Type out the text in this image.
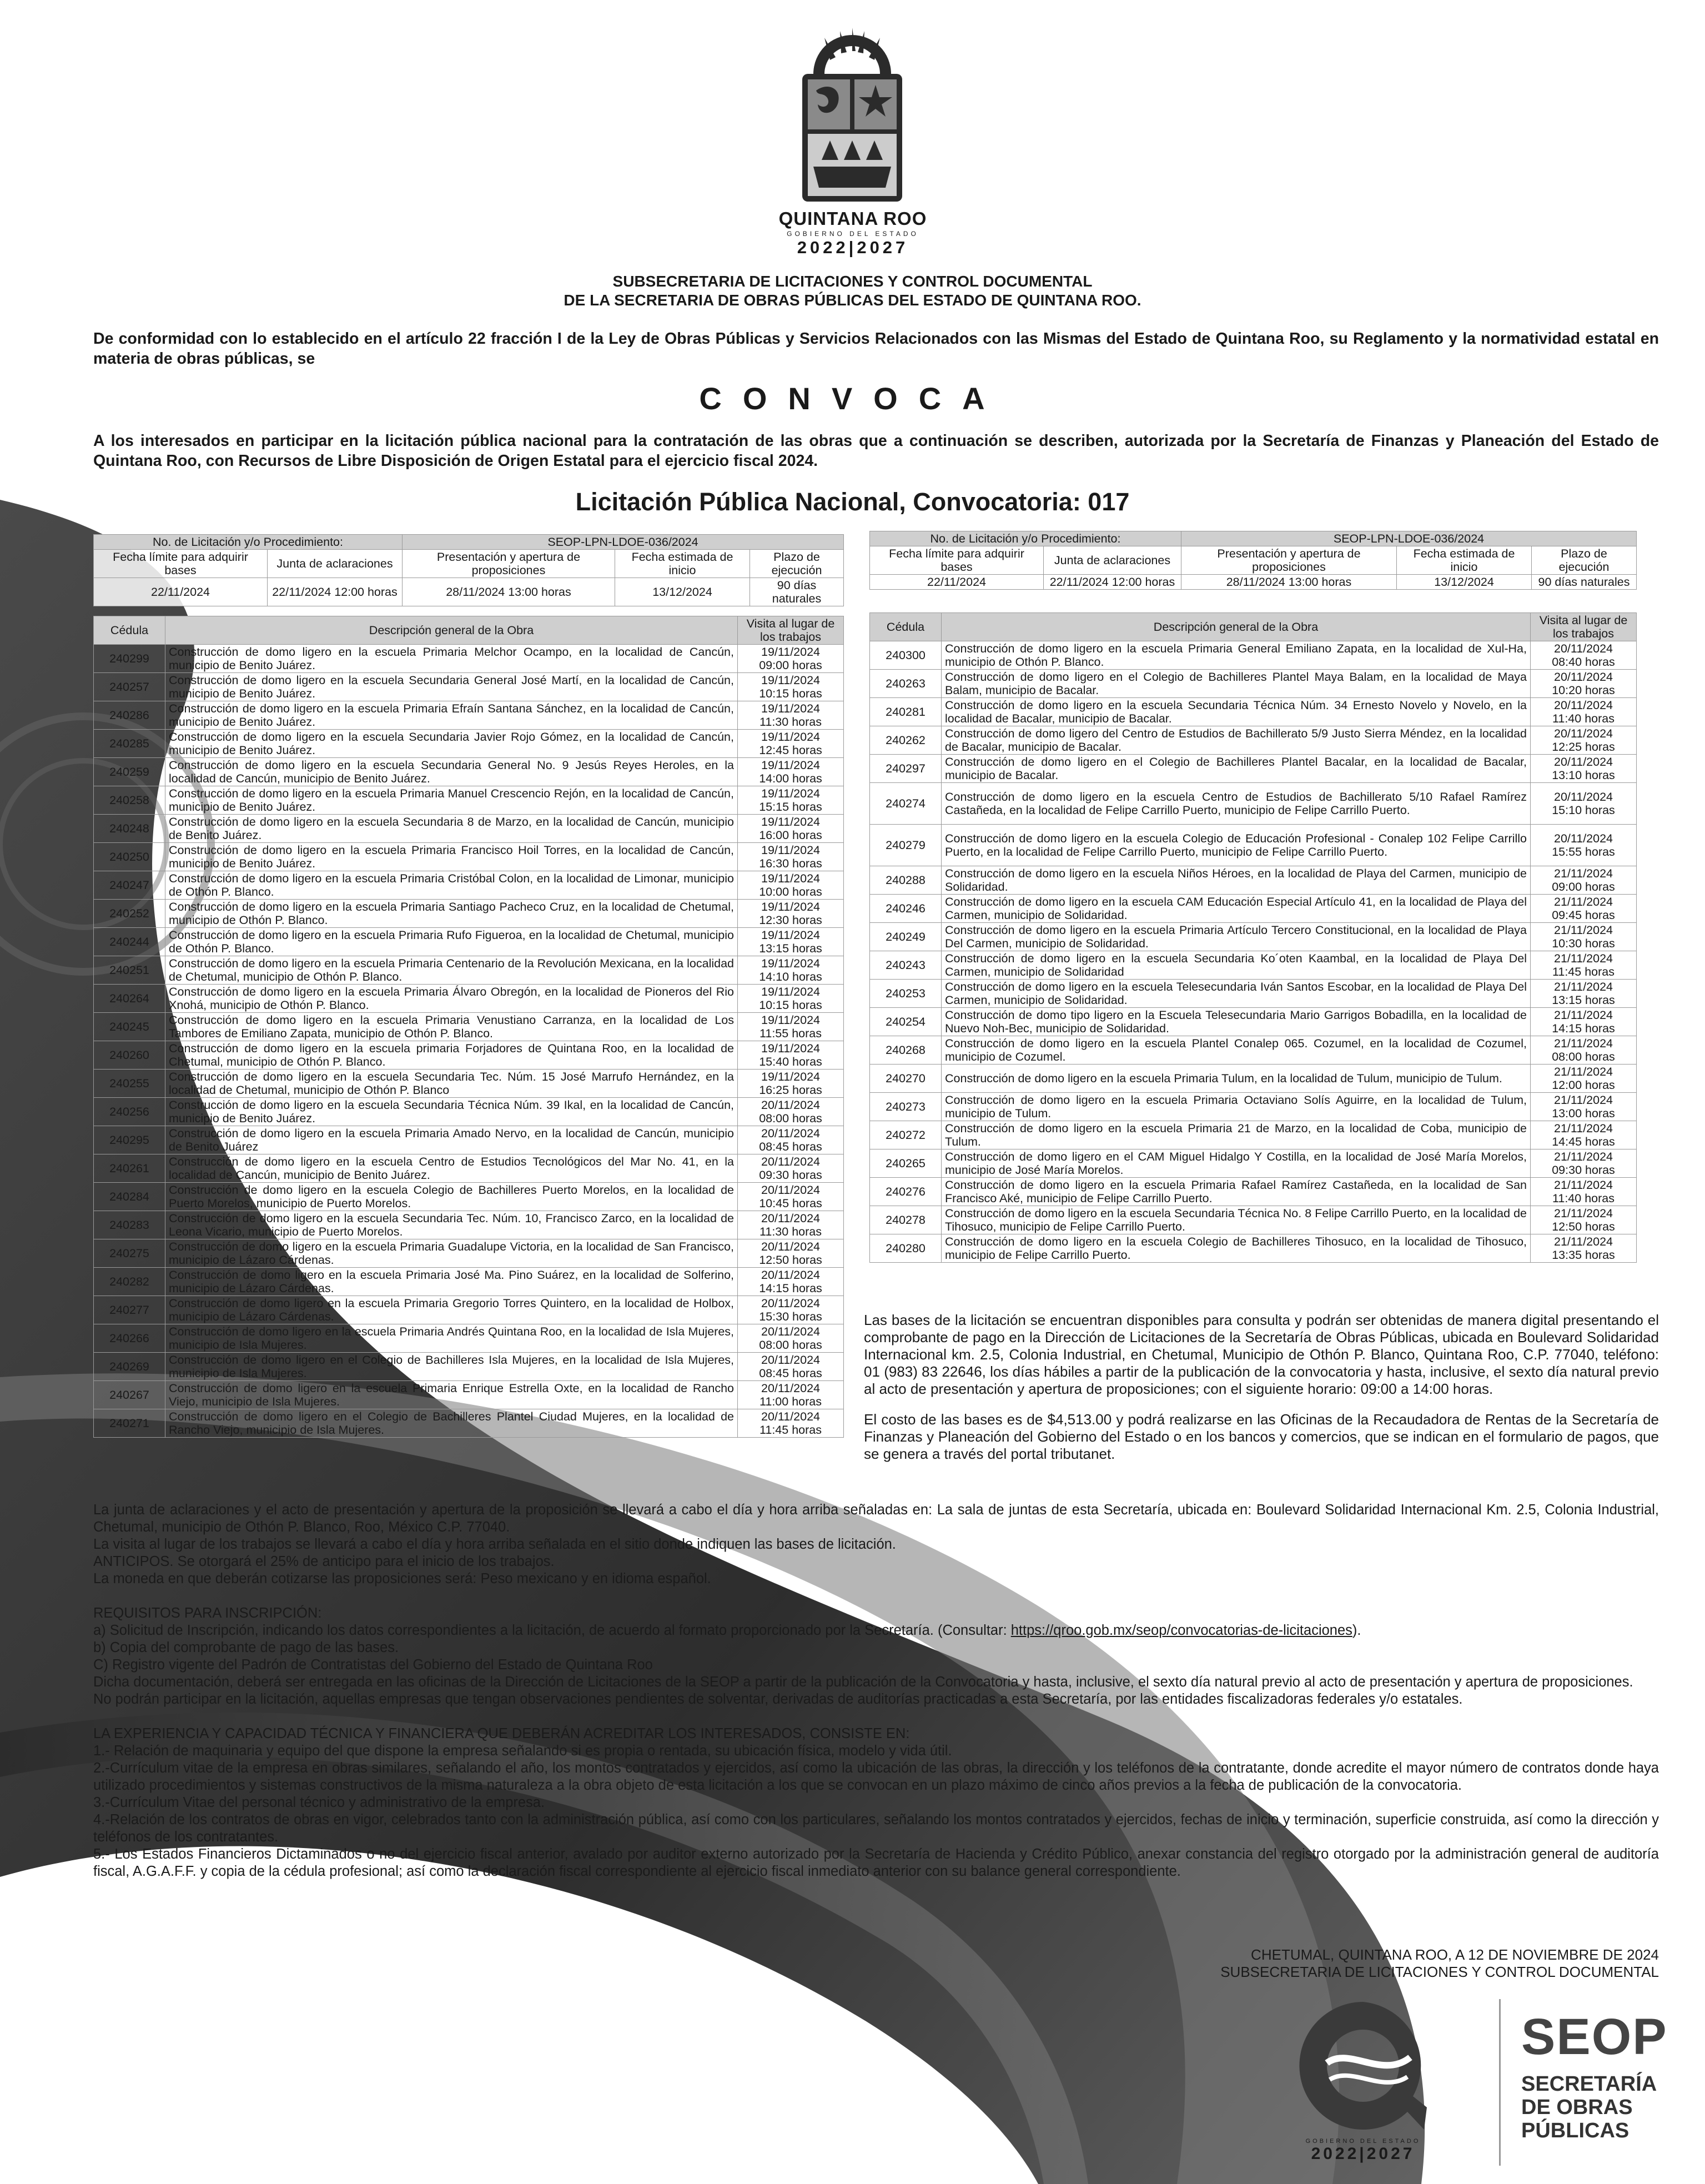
QUINTANA ROO
GOBIERNO DEL ESTADO
2022|2027
SUBSECRETARIA DE LICITACIONES Y CONTROL DOCUMENTAL
DE LA SECRETARIA DE OBRAS PÚBLICAS DEL ESTADO DE QUINTANA ROO.
De conformidad con lo establecido en el artículo 22 fracción I de la Ley de Obras Públicas y Servicios Relacionados con las Mismas del Estado de Quintana Roo, su Reglamento y la normatividad estatal en materia de obras públicas, se
CONVOCA
A los interesados en participar en la licitación pública nacional para la contratación de las obras que a continuación se describen, autorizada por la Secretaría de Finanzas y Planeación del Estado de Quintana Roo, con Recursos de Libre Disposición de Origen Estatal para el ejercicio fiscal 2024.
Licitación Pública Nacional, Convocatoria: 017
No. de Licitación y/o Procedimiento:		SEOP-LPN-LDOE-036/2024		
Fecha límite para adquirir bases	Junta de aclaraciones	Presentación y apertura de proposiciones	Fecha estimada de inicio	Plazo de ejecución
22/11/2024	22/11/2024 12:00 horas	28/11/2024 13:00 horas	13/12/2024	90 días naturales
Cédula	Descripción general de la Obra	Visita al lugar de los trabajos
240299	Construcción de domo ligero en la escuela Primaria Melchor Ocampo, en la localidad de Cancún, municipio de Benito Juárez.	19/11/2024
09:00 horas

240257	Construcción de domo ligero en la escuela Secundaria General José Martí, en la localidad de Cancún, municipio de Benito Juárez.	19/11/2024
10:15 horas

240286	Construcción de domo ligero en la escuela Primaria Efraín Santana Sánchez, en la localidad de Cancún, municipio de Benito Juárez.	19/11/2024
11:30 horas

240285	Construcción de domo ligero en la escuela Secundaria Javier Rojo Gómez, en la localidad de Cancún, municipio de Benito Juárez.	19/11/2024
12:45 horas

240259	Construcción de domo ligero en la escuela Secundaria General No. 9 Jesús Reyes Heroles, en la localidad de Cancún, municipio de Benito Juárez.	19/11/2024
14:00 horas

240258	Construcción de domo ligero en la escuela Primaria Manuel Crescencio Rejón, en la localidad de Cancún, municipio de Benito Juárez.	19/11/2024
15:15 horas

240248	Construcción de domo ligero en la escuela Secundaria 8 de Marzo, en la localidad de Cancún, municipio de Benito Juárez.	19/11/2024
16:00 horas

240250	Construcción de domo ligero en la escuela Primaria Francisco Hoil Torres, en la localidad de Cancún, municipio de Benito Juárez.	19/11/2024
16:30 horas

240247	Construcción de domo ligero en la escuela Primaria Cristóbal Colon, en la localidad de Limonar, municipio de Othón P. Blanco.	19/11/2024
10:00 horas

240252	Construcción de domo ligero en la escuela Primaria Santiago Pacheco Cruz, en la localidad de Chetumal, municipio de Othón P. Blanco.	19/11/2024
12:30 horas

240244	Construcción de domo ligero en la escuela Primaria Rufo Figueroa, en la localidad de Chetumal, municipio de Othón P. Blanco.	19/11/2024
13:15 horas

240251	Construcción de domo ligero en la escuela Primaria Centenario de la Revolución Mexicana, en la localidad de Chetumal, municipio de Othón P. Blanco.	19/11/2024
14:10 horas

240264	Construcción de domo ligero en la escuela Primaria Álvaro Obregón, en la localidad de Pioneros del Rio Xnohá, municipio de Othón P. Blanco.	19/11/2024
10:15 horas

240245	Construcción de domo ligero en la escuela Primaria Venustiano Carranza, en la localidad de Los Tambores de Emiliano Zapata, municipio de Othón P. Blanco.	19/11/2024
11:55 horas

240260	Construcción de domo ligero en la escuela primaria Forjadores de Quintana Roo, en la localidad de Chetumal, municipio de Othón P. Blanco.	19/11/2024
15:40 horas

240255	Construcción de domo ligero en la escuela Secundaria Tec. Núm. 15 José Marrufo Hernández, en la localidad de Chetumal, municipio de Othón P. Blanco	19/11/2024
16:25 horas

240256	Construcción de domo ligero en la escuela Secundaria Técnica Núm. 39 Ikal, en la localidad de Cancún, municipio de Benito Juárez.	20/11/2024
08:00 horas

240295	Construcción de domo ligero en la escuela Primaria Amado Nervo, en la localidad de Cancún, municipio de Benito Juárez	20/11/2024
08:45 horas

240261	Construcción de domo ligero en la escuela Centro de Estudios Tecnológicos del Mar No. 41, en la localidad de Cancún, municipio de Benito Juárez.	20/11/2024
09:30 horas

240284	Construcción de domo ligero en la escuela Colegio de Bachilleres Puerto Morelos, en la localidad de Puerto Morelos, municipio de Puerto Morelos.	20/11/2024
10:45 horas

240283	Construcción de domo ligero en la escuela Secundaria Tec. Núm. 10, Francisco Zarco, en la localidad de Leona Vicario, municipio de Puerto Morelos.	20/11/2024
11:30 horas

240275	Construcción de domo ligero en la escuela Primaria Guadalupe Victoria, en la localidad de San Francisco, municipio de Lázaro Cárdenas.	20/11/2024
12:50 horas

240282	Construcción de domo ligero en la escuela Primaria José Ma. Pino Suárez, en la localidad de Solferino, municipio de Lázaro Cárdenas.	20/11/2024
14:15 horas

240277	Construcción de domo ligero en la escuela Primaria Gregorio Torres Quintero, en la localidad de Holbox, municipio de Lázaro Cárdenas.	20/11/2024
15:30 horas

240266	Construcción de domo ligero en la escuela Primaria Andrés Quintana Roo, en la localidad de Isla Mujeres, municipio de Isla Mujeres.	20/11/2024
08:00 horas

240269	Construcción de domo ligero en el Colegio de Bachilleres Isla Mujeres, en la localidad de Isla Mujeres, municipio de Isla Mujeres.	20/11/2024
08:45 horas

240267	Construcción de domo ligero en la escuela Primaria Enrique Estrella Oxte, en la localidad de Rancho Viejo, municipio de Isla Mujeres.	20/11/2024
11:00 horas

240271	Construcción de domo ligero en el Colegio de Bachilleres Plantel Ciudad Mujeres, en la localidad de Rancho Viejo, municipio de Isla Mujeres.	20/11/2024
11:45 horas
No. de Licitación y/o Procedimiento:		SEOP-LPN-LDOE-036/2024		
Fecha límite para adquirir bases	Junta de aclaraciones	Presentación y apertura de proposiciones	Fecha estimada de inicio	Plazo de ejecución
22/11/2024	22/11/2024 12:00 horas	28/11/2024 13:00 horas	13/12/2024	90 días naturales
Cédula	Descripción general de la Obra	Visita al lugar de los trabajos
240300	Construcción de domo ligero en la escuela Primaria General Emiliano Zapata, en la localidad de Xul-Ha, municipio de Othón P. Blanco.	20/11/2024
08:40 horas

240263	Construcción de domo ligero en el Colegio de Bachilleres Plantel Maya Balam, en la localidad de Maya Balam, municipio de Bacalar.	20/11/2024
10:20 horas

240281	Construcción de domo ligero en la escuela Secundaria Técnica Núm. 34 Ernesto Novelo y Novelo, en la localidad de Bacalar, municipio de Bacalar.	20/11/2024
11:40 horas

240262	Construcción de domo ligero del Centro de Estudios de Bachillerato 5/9 Justo Sierra Méndez, en la localidad de Bacalar, municipio de Bacalar.	20/11/2024
12:25 horas

240297	Construcción de domo ligero en el Colegio de Bachilleres Plantel Bacalar, en la localidad de Bacalar, municipio de Bacalar.	20/11/2024
13:10 horas

240274	Construcción de domo ligero en la escuela Centro de Estudios de Bachillerato 5/10 Rafael Ramírez Castañeda, en la localidad de Felipe Carrillo Puerto, municipio de Felipe Carrillo Puerto.	20/11/2024
15:10 horas

240279	Construcción de domo ligero en la escuela Colegio de Educación Profesional - Conalep 102 Felipe Carrillo Puerto, en la localidad de Felipe Carrillo Puerto, municipio de Felipe Carrillo Puerto.	20/11/2024
15:55 horas

240288	Construcción de domo ligero en la escuela Niños Héroes, en la localidad de Playa del Carmen, municipio de Solidaridad.	21/11/2024
09:00 horas

240246	Construcción de domo ligero en la escuela CAM Educación Especial Artículo 41, en la localidad de Playa del Carmen, municipio de Solidaridad.	21/11/2024
09:45 horas

240249	Construcción de domo ligero en la escuela Primaria Artículo Tercero Constitucional, en la localidad de Playa Del Carmen, municipio de Solidaridad.	21/11/2024
10:30 horas

240243	Construcción de domo ligero en la escuela Secundaria Ko´oten Kaambal, en la localidad de Playa Del Carmen, municipio de Solidaridad	21/11/2024
11:45 horas

240253	Construcción de domo ligero en la escuela Telesecundaria Iván Santos Escobar, en la localidad de Playa Del Carmen, municipio de Solidaridad.	21/11/2024
13:15 horas

240254	Construcción de domo tipo ligero en la Escuela Telesecundaria Mario Garrigos Bobadilla, en la localidad de Nuevo Noh-Bec, municipio de Solidaridad.	21/11/2024
14:15 horas

240268	Construcción de domo ligero en la escuela Plantel Conalep 065. Cozumel, en la localidad de Cozumel, municipio de Cozumel.	21/11/2024
08:00 horas

240270	Construcción de domo ligero en la escuela Primaria Tulum, en la localidad de Tulum, municipio de Tulum.	21/11/2024
12:00 horas

240273	Construcción de domo ligero en la escuela Primaria Octaviano Solís Aguirre, en la localidad de Tulum, municipio de Tulum.	21/11/2024
13:00 horas

240272	Construcción de domo ligero en la escuela Primaria 21 de Marzo, en la localidad de Coba, municipio de Tulum.	21/11/2024
14:45 horas

240265	Construcción de domo ligero en el CAM Miguel Hidalgo Y Costilla, en la localidad de José María Morelos, municipio de José María Morelos.	21/11/2024
09:30 horas

240276	Construcción de domo ligero en la escuela Primaria Rafael Ramírez Castañeda, en la localidad de San Francisco Aké, municipio de Felipe Carrillo Puerto.	21/11/2024
11:40 horas

240278	Construcción de domo ligero en la escuela Secundaria Técnica No. 8 Felipe Carrillo Puerto, en la localidad de Tihosuco, municipio de Felipe Carrillo Puerto.	21/11/2024
12:50 horas

240280	Construcción de domo ligero en la escuela Colegio de Bachilleres Tihosuco, en la localidad de Tihosuco, municipio de Felipe Carrillo Puerto.	21/11/2024
13:35 horas

Las bases de la licitación se encuentran disponibles para consulta y podrán ser obtenidas de manera digital presentando el comprobante de pago en la Dirección de Licitaciones de la Secretaría de Obras Públicas, ubicada en Boulevard Solidaridad Internacional km. 2.5, Colonia Industrial, en Chetumal, Municipio de Othón P. Blanco, Quintana Roo, C.P. 77040, teléfono: 01 (983) 83 22646, los días hábiles a partir de la publicación de la convocatoria y hasta, inclusive, el sexto día natural previo al acto de presentación y apertura de proposiciones; con el siguiente horario: 09:00 a 14:00 horas.

El costo de las bases es de $4,513.00 y podrá realizarse en las Oficinas de la Recaudadora de Rentas de la Secretaría de Finanzas y Planeación del Gobierno del Estado o en los bancos y comercios, que se indican en el formulario de pagos, que se genera a través del portal tributanet.

La junta de aclaraciones y el acto de presentación y apertura de la proposición se llevará a cabo el día y hora arriba señaladas en: La sala de juntas de esta Secretaría, ubicada en: Boulevard Solidaridad Internacional Km. 2.5, Colonia Industrial, Chetumal, municipio de Othón P. Blanco, Roo, México C.P. 77040.

La visita al lugar de los trabajos se llevará a cabo el día y hora arriba señalada en el sitio donde indiquen las bases de licitación.

ANTICIPOS. Se otorgará el 25% de anticipo para el inicio de los trabajos.

La moneda en que deberán cotizarse las proposiciones será: Peso mexicano y en idioma español.

REQUISITOS PARA INSCRIPCIÓN:

a) Solicitud de Inscripción, indicando los datos correspondientes a la licitación, de acuerdo al formato proporcionado por la Secretaría. (Consultar: https://qroo.gob.mx/seop/convocatorias-de-licitaciones).

b) Copia del comprobante de pago de las bases.

C) Registro vigente del Padrón de Contratistas del Gobierno del Estado de Quintana Roo

Dicha documentación, deberá ser entregada en las oficinas de la Dirección de Licitaciones de la SEOP a partir de la publicación de la Convocatoria y hasta, inclusive, el sexto día natural previo al acto de presentación y apertura de proposiciones.

No podrán participar en la licitación, aquellas empresas que tengan observaciones pendientes de solventar, derivadas de auditorías practicadas a esta Secretaría, por las entidades fiscalizadoras federales y/o estatales.

LA EXPERIENCIA Y CAPACIDAD TÉCNICA Y FINANCIERA QUE DEBERÁN ACREDITAR LOS INTERESADOS, CONSISTE EN:

1.- Relación de maquinaria y equipo del que dispone la empresa señalando si es propia o rentada, su ubicación física, modelo y vida útil.

2.-Currículum vitae de la empresa en obras similares, señalando el año, los montos contratados y ejercidos, así como la ubicación de las obras, la dirección y los teléfonos de la contratante, donde acredite el mayor número de contratos donde haya utilizado procedimientos y sistemas constructivos de la misma naturaleza a la obra objeto de esta licitación a los que se convocan en un plazo máximo de cinco años previos a la fecha de publicación de la convocatoria.

3.-Currículum Vitae del personal técnico y administrativo de la empresa.

4.-Relación de los contratos de obras en vigor, celebrados tanto con la administración pública, así como con los particulares, señalando los montos contratados y ejercidos, fechas de inicio y terminación, superficie construida, así como la dirección y teléfonos de los contratantes.

5.- Los Estados Financieros Dictaminados o no del ejercicio fiscal anterior, avalado por auditor externo autorizado por la Secretaría de Hacienda y Crédito Público, anexar constancia del registro otorgado por la administración general de auditoría fiscal, A.G.A.F.F. y copia de la cédula profesional; así como la declaración fiscal correspondiente al ejercicio fiscal inmediato anterior con su balance general correspondiente.

CHETUMAL, QUINTANA ROO, A 12 DE NOVIEMBRE DE 2024
SUBSECRETARIA DE LICITACIONES Y CONTROL DOCUMENTAL
GOBIERNO DEL ESTADO
2022|2027
SEOP
SECRETARÍA
DE OBRAS
PÚBLICAS
